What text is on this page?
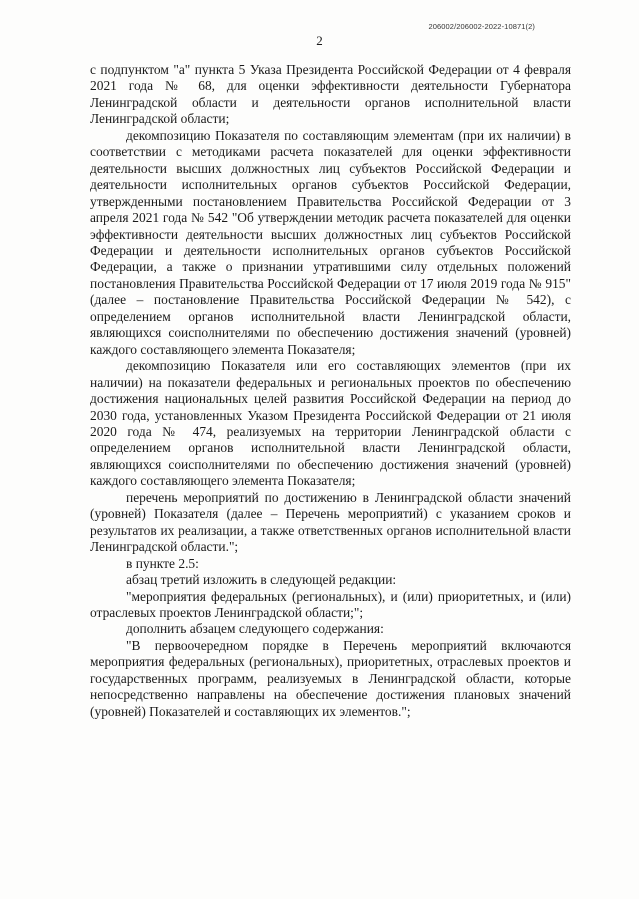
206002/206002-2022-10871(2)
2

с подпунктом "а" пункта 5 Указа Президента Российской Федерации от 4 февраля 2021 года № 68, для оценки эффективности деятельности Губернатора Ленинградской области и деятельности органов исполнительной власти Ленинградской области;

декомпозицию Показателя по составляющим элементам (при их наличии) в соответствии с методиками расчета показателей для оценки эффективности деятельности высших должностных лиц субъектов Российской Федерации и деятельности исполнительных органов субъектов Российской Федерации, утвержденными постановлением Правительства Российской Федерации от 3 апреля 2021 года № 542 "Об утверждении методик расчета показателей для оценки эффективности деятельности высших должностных лиц субъектов Российской Федерации и деятельности исполнительных органов субъектов Российской Федерации, а также о признании утратившими силу отдельных положений постановления Правительства Российской Федерации от 17 июля 2019 года № 915" (далее – постановление Правительства Российской Федерации № 542), с определением органов исполнительной власти Ленинградской области, являющихся соисполнителями по обеспечению достижения значений (уровней) каждого составляющего элемента Показателя;

декомпозицию Показателя или его составляющих элементов (при их наличии) на показатели федеральных и региональных проектов по обеспечению достижения национальных целей развития Российской Федерации на период до 2030 года, установленных Указом Президента Российской Федерации от 21 июля 2020 года № 474, реализуемых на территории Ленинградской области с определением органов исполнительной власти Ленинградской области, являющихся соисполнителями по обеспечению достижения значений (уровней) каждого составляющего элемента Показателя;

перечень мероприятий по достижению в Ленинградской области значений (уровней) Показателя (далее – Перечень мероприятий) с указанием сроков и результатов их реализации, а также ответственных органов исполнительной власти Ленинградской области.";

в пункте 2.5:

абзац третий изложить в следующей редакции:

"мероприятия федеральных (региональных), и (или) приоритетных, и (или) отраслевых проектов Ленинградской области;";

дополнить абзацем следующего содержания:

"В первоочередном порядке в Перечень мероприятий включаются мероприятия федеральных (региональных), приоритетных, отраслевых проектов и государственных программ, реализуемых в Ленинградской области, которые непосредственно направлены на обеспечение достижения плановых значений (уровней) Показателей и составляющих их элементов.";
